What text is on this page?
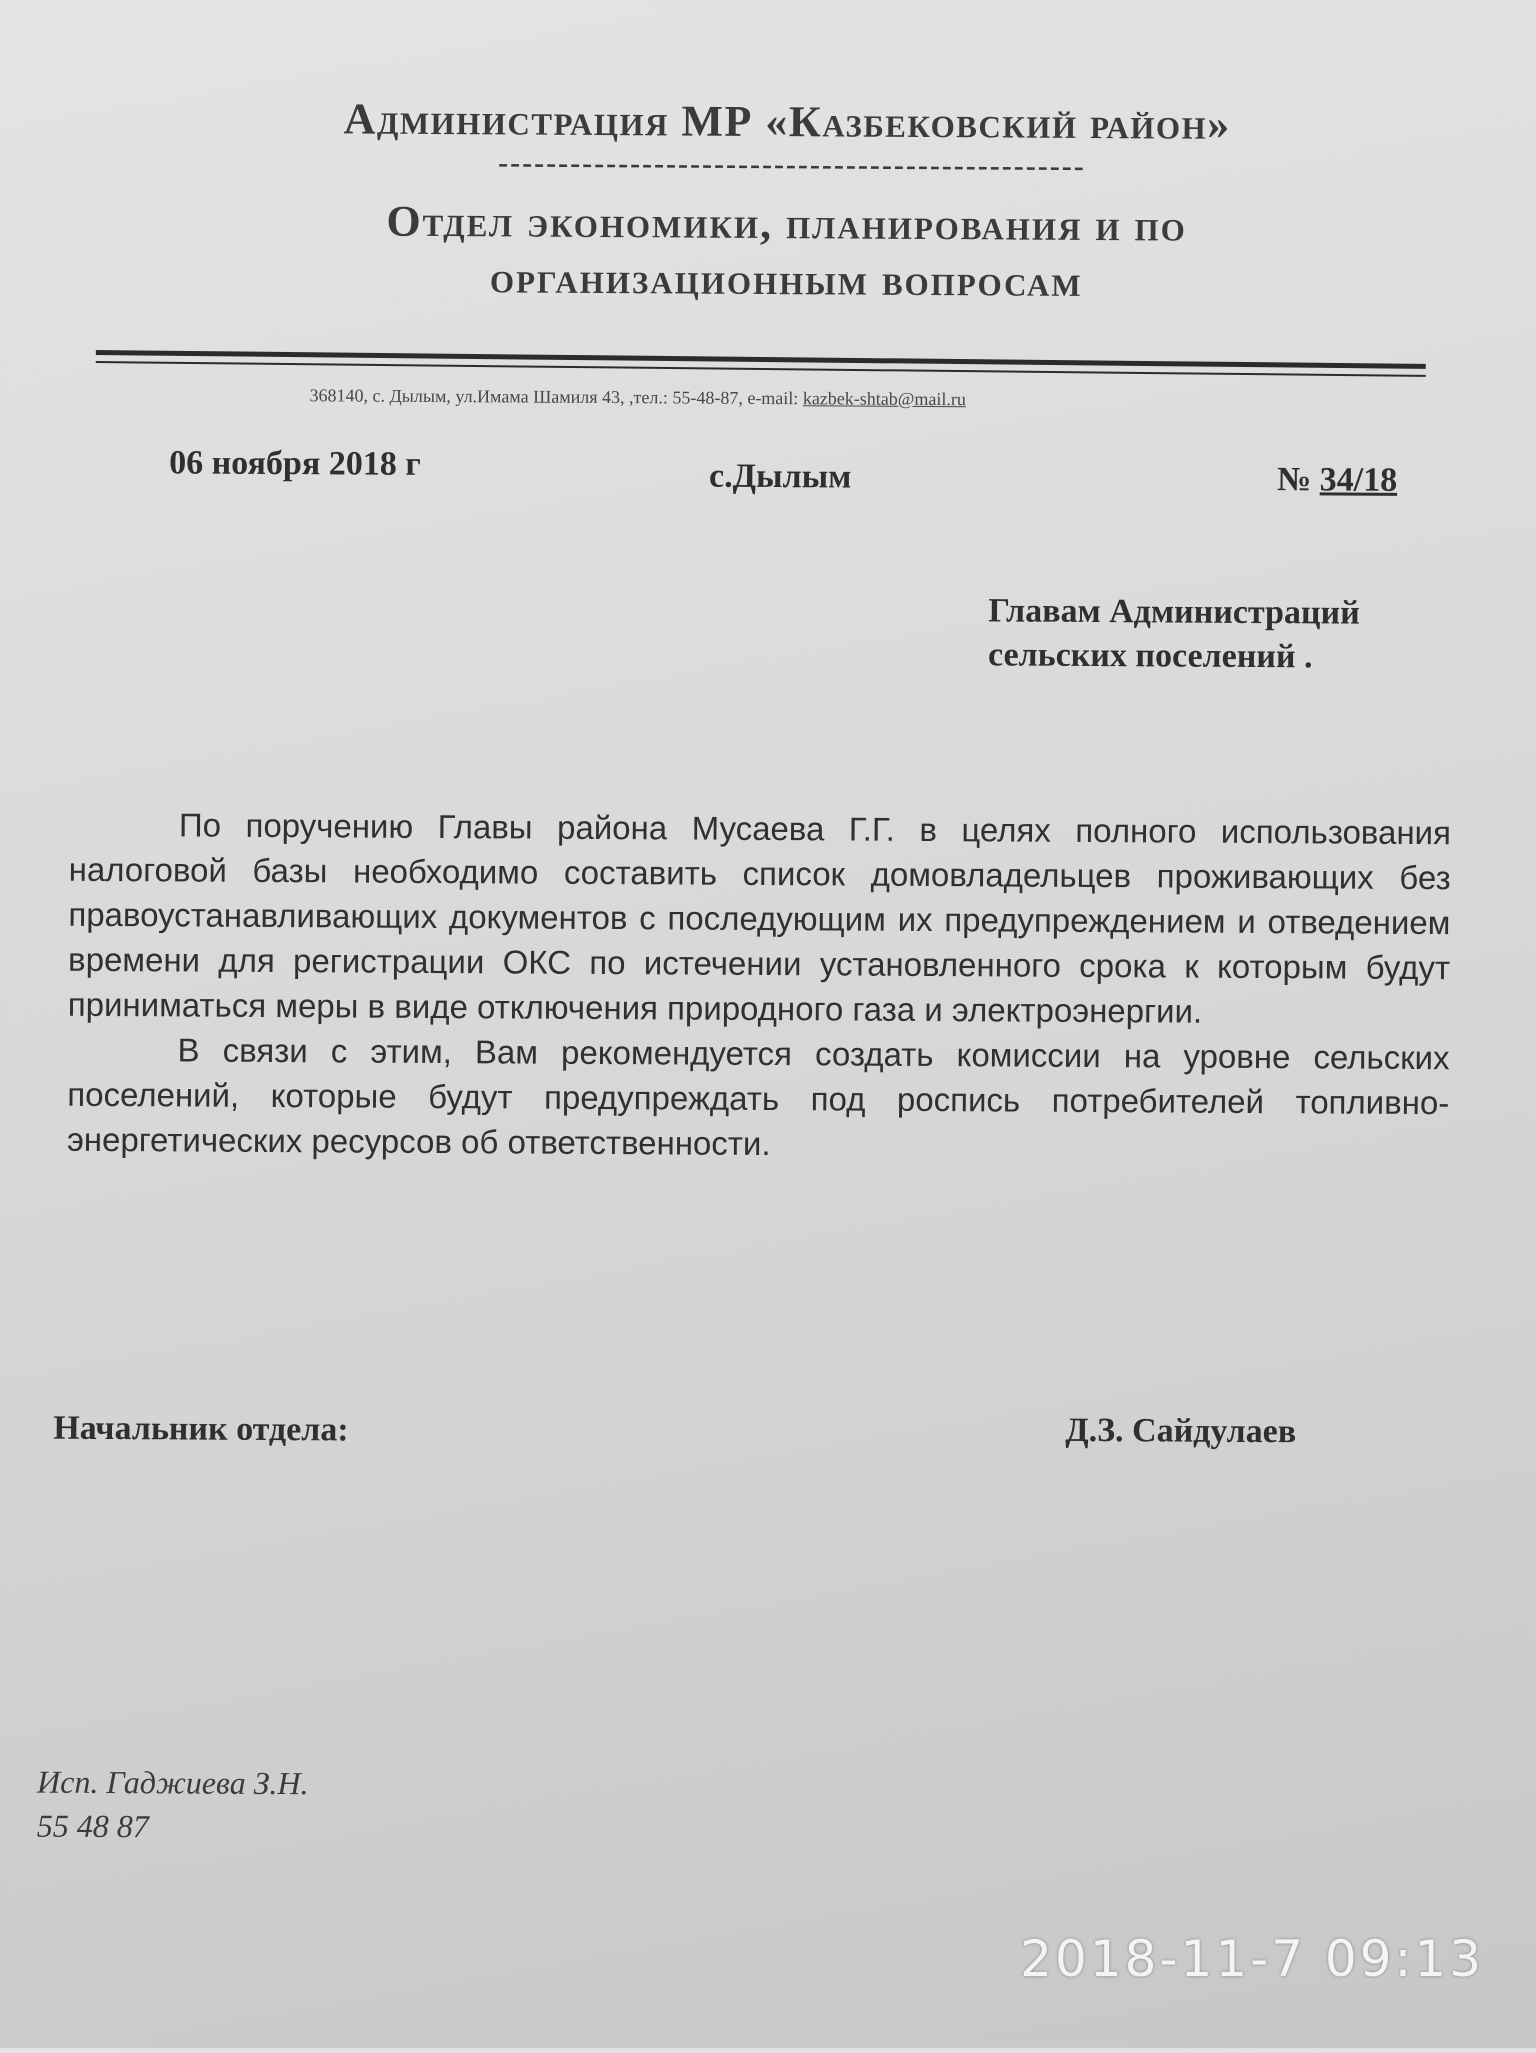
Администрация МР «Казбековский район»
-------------------------------------------------
Отдел экономики, планирования и по
организационным вопросам
368140, с. Дылым, ул.Имама Шамиля 43, ,тел.: 55-48-87, e-mail: kazbek-shtab@mail.ru
06 ноября 2018 г	с.Дылым	№ 34/18
Главам Администраций
сельских поселений .

По поручению Главы района Мусаева Г.Г. в целях полного использования налоговой базы необходимо составить список домовладельцев проживающих без правоустанавливающих документов с последующим их предупреждением и отведением времени для регистрации ОКС по истечении установленного срока к которым будут приниматься меры в виде отключения природного газа и электроэнергии.

В связи с этим, Вам рекомендуется создать комиссии на уровне сельских поселений, которые будут предупреждать под роспись потребителей топливно-энергетических ресурсов об ответственности.

Начальник отдела:	Д.З. Сайдулаев
Исп. Гаджиева З.Н.
55 48 87
2018-11-7 09:13
